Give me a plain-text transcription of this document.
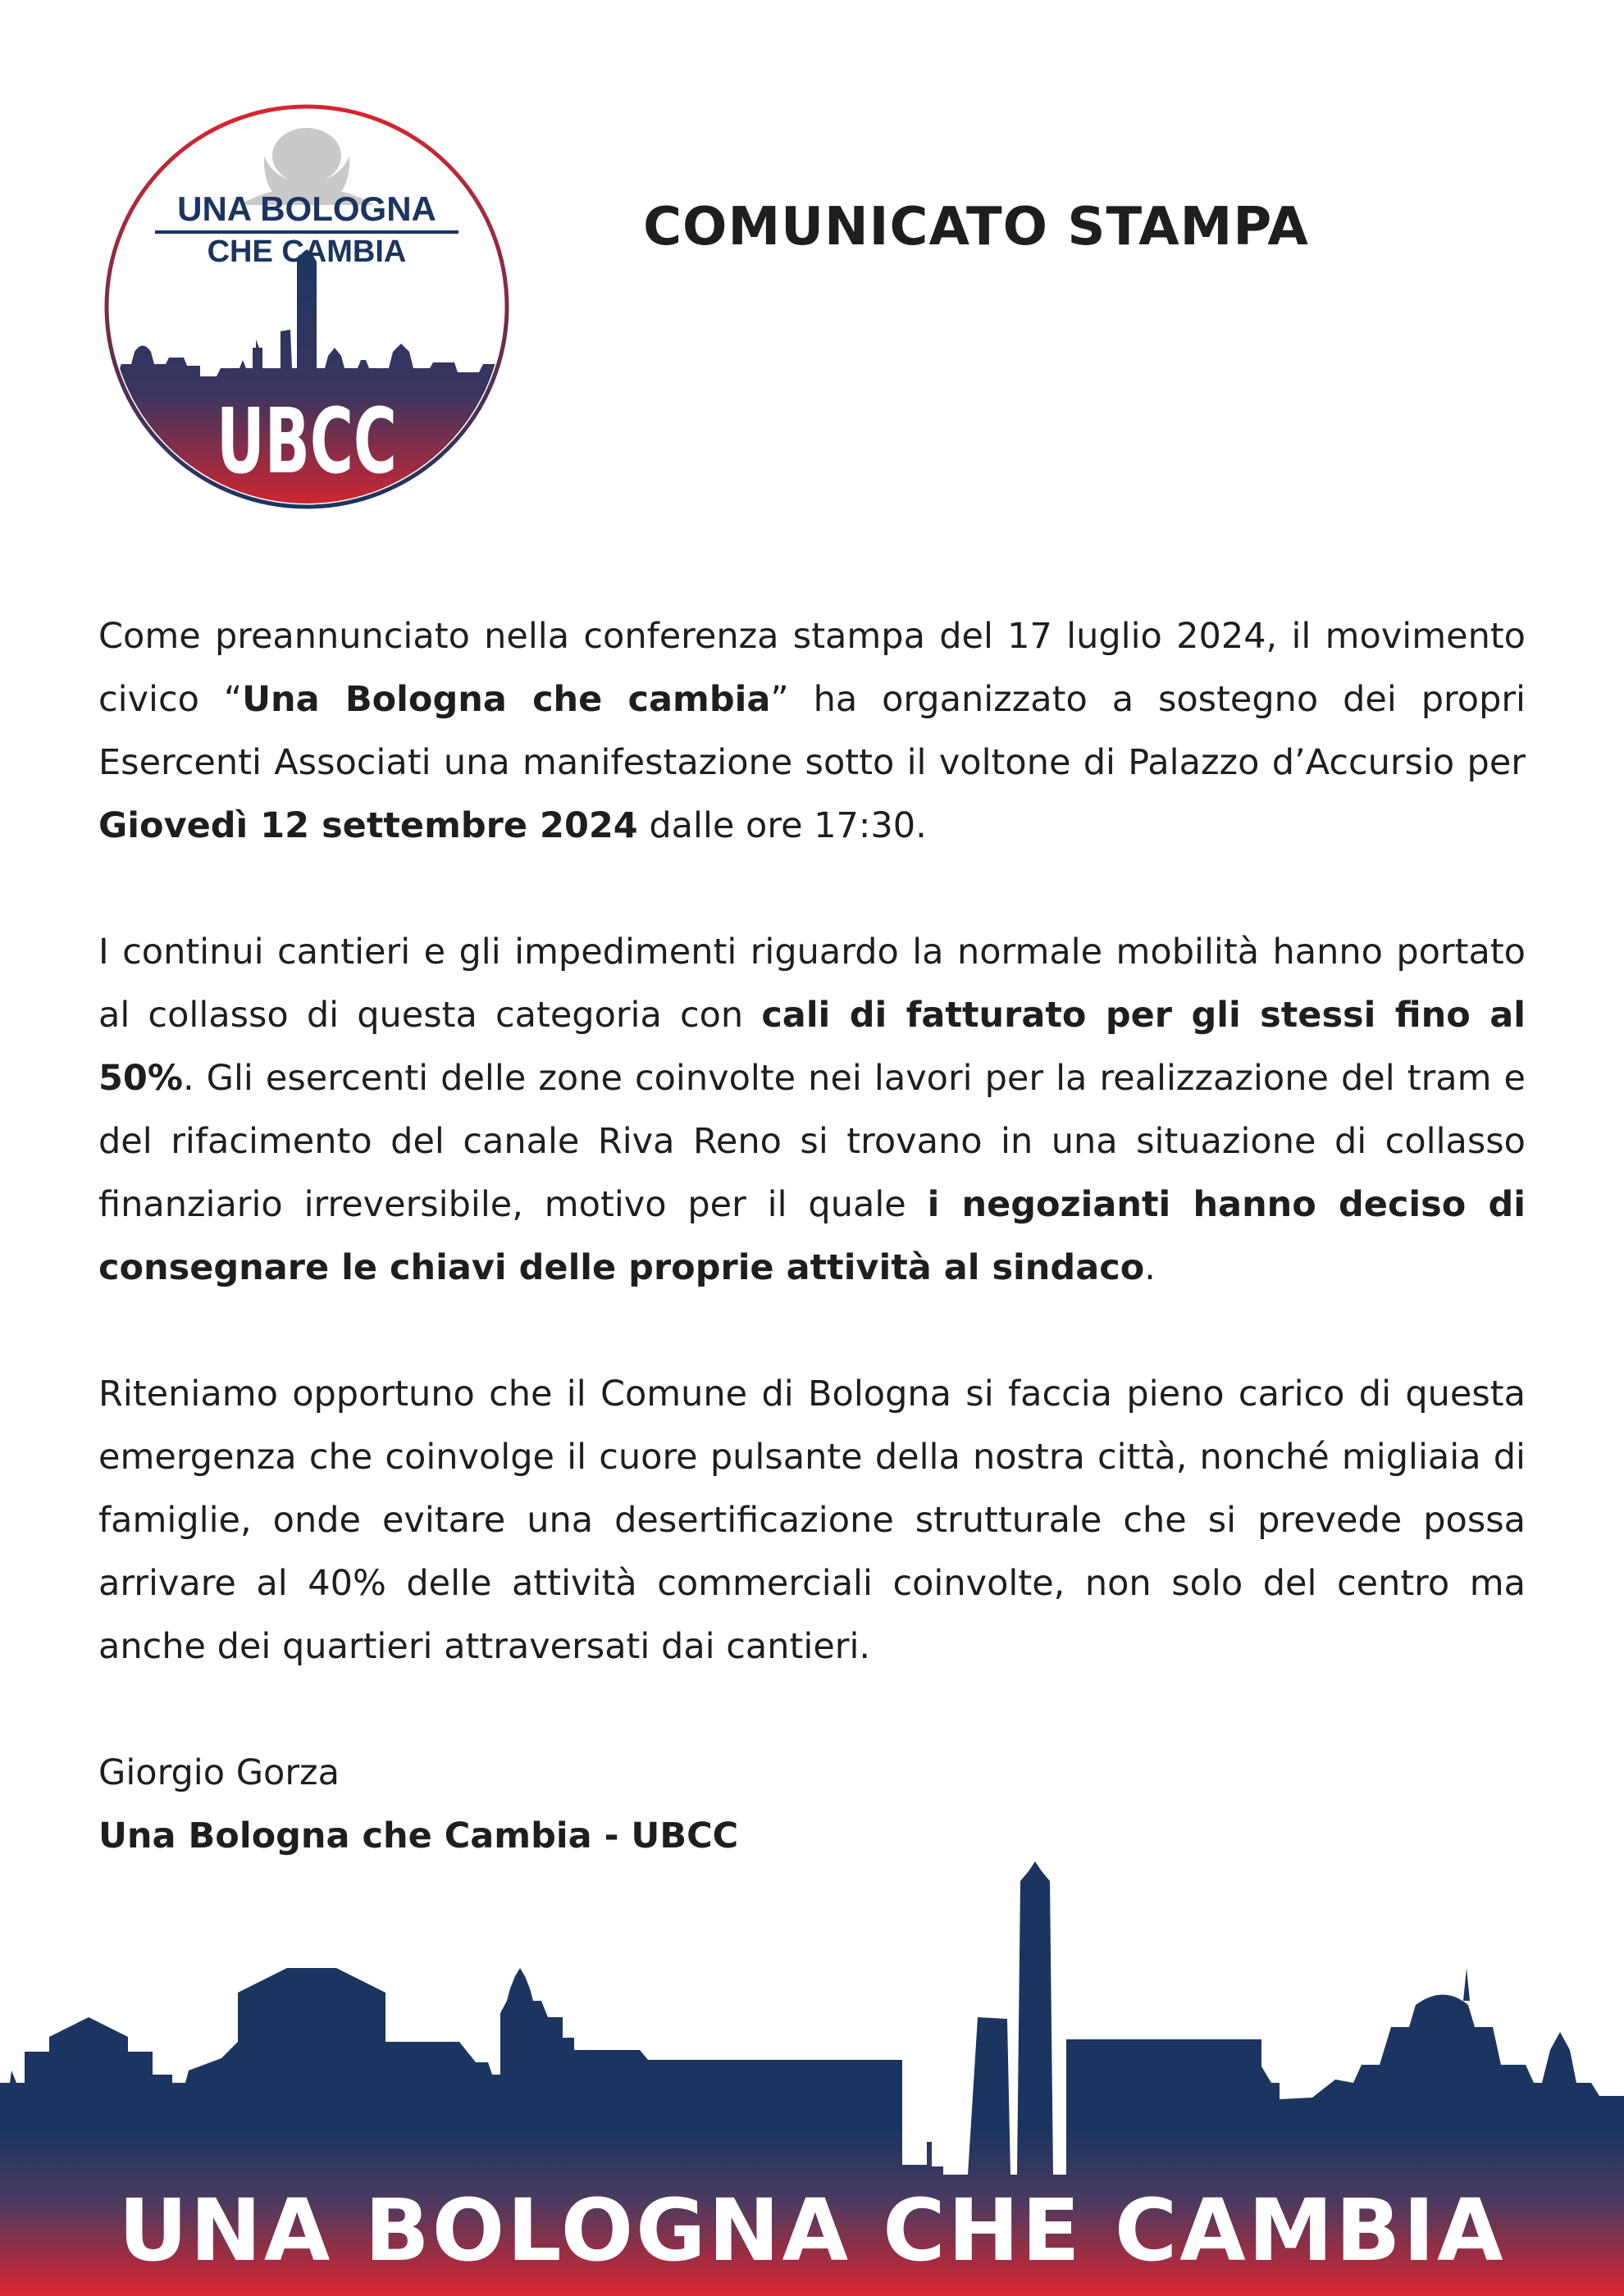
UNA BOLOGNA
CHE CAMBIA
UBCC
COMUNICATO STAMPA

Come preannunciato nella conferenza stampa del 17 luglio 2024, il movimento civico “Una Bologna che cambia” ha organizzato a sostegno dei propri Esercenti Associati una manifestazione sotto il voltone di Palazzo d’Accursio per Giovedì 12 settembre 2024 dalle ore 17:30.

I continui cantieri e gli impedimenti riguardo la normale mobilità hanno portato al collasso di questa categoria con cali di fatturato per gli stessi fino al 50%. Gli esercenti delle zone coinvolte nei lavori per la realizzazione del tram e del rifacimento del canale Riva Reno si trovano in una situazione di collasso finanziario irreversibile, motivo per il quale i negozianti hanno deciso di consegnare le chiavi delle proprie attività al sindaco.

Riteniamo opportuno che il Comune di Bologna si faccia pieno carico di questa emergenza che coinvolge il cuore pulsante della nostra città, nonché migliaia di famiglie, onde evitare una desertificazione strutturale che si prevede possa arrivare al 40% delle attività commerciali coinvolte, non solo del centro ma anche dei quartieri attraversati dai cantieri.

Giorgio Gorza
Una Bologna che Cambia - UBCC
UNA BOLOGNA CHE CAMBIA
